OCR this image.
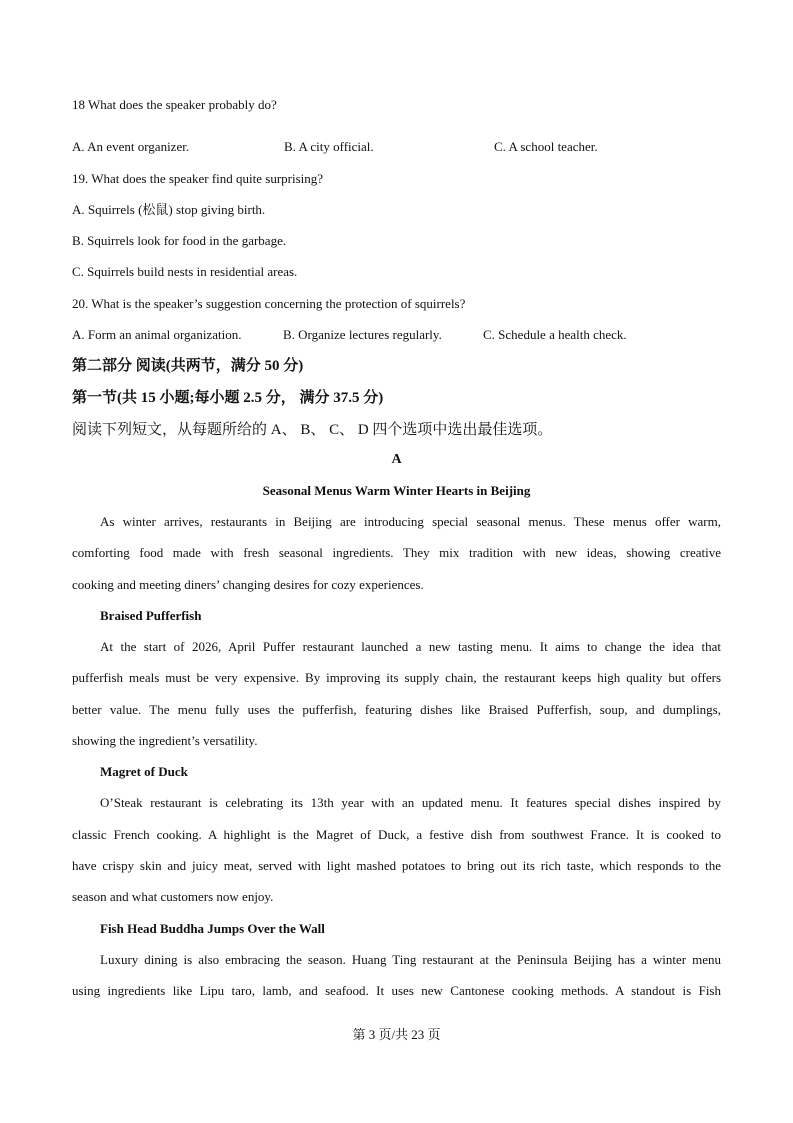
18 What does the speaker probably do?
A. An event organizer.	B. A city official.	C. A school teacher.
19. What does the speaker find quite surprising?
A. Squirrels (松鼠) stop giving birth.
B. Squirrels look for food in the garbage.
C. Squirrels build nests in residential areas.
20. What is the speaker’s suggestion concerning the protection of squirrels?
A. Form an animal organization.	B. Organize lectures regularly.	C. Schedule a health check.
第二部分 阅读(共两节，满分 50 分)
第一节(共 15 小题;每小题 2.5 分， 满分 37.5 分)
阅读下列短文，从每题所给的 A、 B、 C、 D 四个选项中选出最佳选项。
A
Seasonal Menus Warm Winter Hearts in Beijing
As winter arrives, restaurants in Beijing are introducing special seasonal menus. These menus offer warm,
comforting food made with fresh seasonal ingredients. They mix tradition with new ideas, showing creative
cooking and meeting diners’ changing desires for cozy experiences.
Braised Pufferfish
At the start of 2026, April Puffer restaurant launched a new tasting menu. It aims to change the idea that
pufferfish meals must be very expensive. By improving its supply chain, the restaurant keeps high quality but offers
better value. The menu fully uses the pufferfish, featuring dishes like Braised Pufferfish, soup, and dumplings,
showing the ingredient’s versatility.
Magret of Duck
O’Steak restaurant is celebrating its 13th year with an updated menu. It features special dishes inspired by
classic French cooking. A highlight is the Magret of Duck, a festive dish from southwest France. It is cooked to
have crispy skin and juicy meat, served with light mashed potatoes to bring out its rich taste, which responds to the
season and what customers now enjoy.
Fish Head Buddha Jumps Over the Wall
Luxury dining is also embracing the season. Huang Ting restaurant at the Peninsula Beijing has a winter menu
using ingredients like Lipu taro, lamb, and seafood. It uses new Cantonese cooking methods. A standout is Fish
第 3 页/共 23 页
